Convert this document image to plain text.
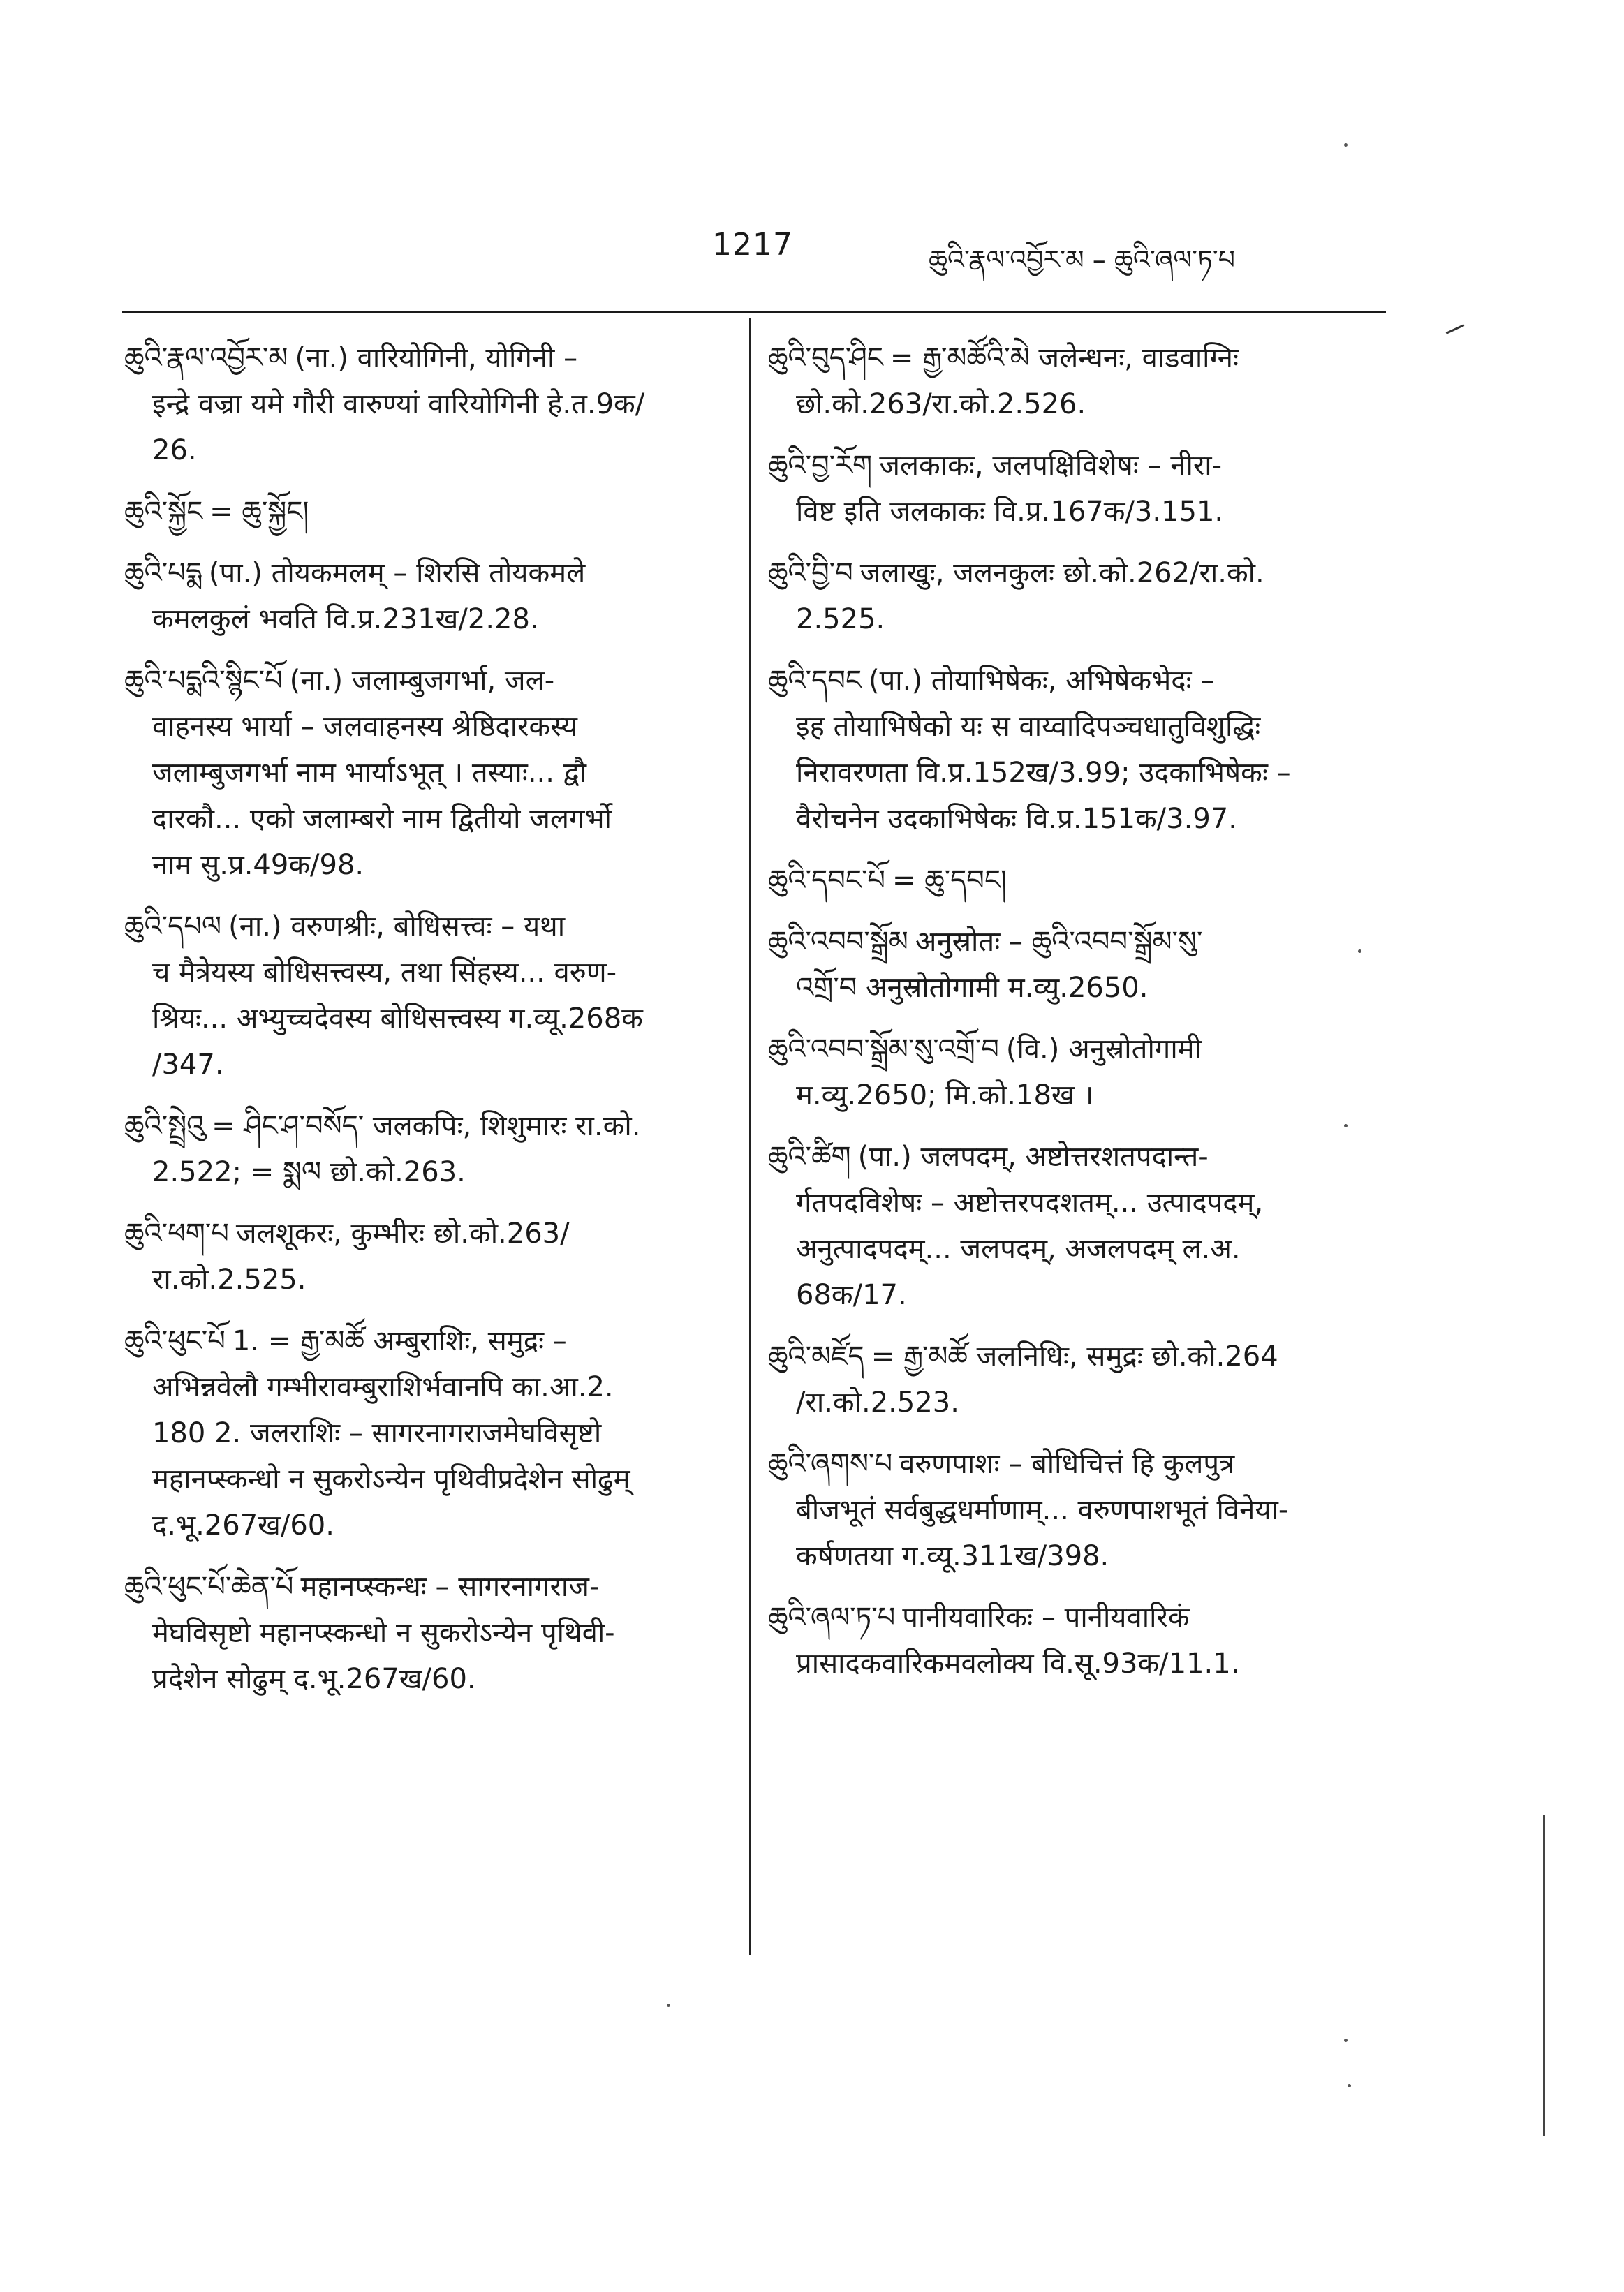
1217	ཆུའི་རྣལ་འབྱོར་མ – ཆུའི་ཞལ་ཏ་པ

ཆུའི་རྣལ་འབྱོར་མ (ना.) वारियोगिनी, योगिनी –

इन्द्रे वज्रा यमे गौरी वारुण्यां वारियोगिनी हे.त.9क/

26.

ཆུའི་སྐྱོང = ཆུ་སྐྱོང།

ཆུའི་པདྨ (पा.) तोयकमलम् – शिरसि तोयकमले

कमलकुलं भवति वि.प्र.231ख/2.28.

ཆུའི་པདྨའི་སྙིང་པོ (ना.) जलाम्बुजगर्भा, जल-

वाहनस्य भार्या – जलवाहनस्य श्रेष्ठिदारकस्य

जलाम्बुजगर्भा नाम भार्याऽभूत् । तस्याः... द्वौ

दारकौ... एको जलाम्बरो नाम द्वितीयो जलगर्भो

नाम सु.प्र.49क/98.

ཆུའི་དཔལ (ना.) वरुणश्रीः, बोधिसत्त्वः – यथा

च मैत्रेयस्य बोधिसत्त्वस्य, तथा सिंहस्य... वरुण-

श्रियः... अभ्युच्चदेवस्य बोधिसत्त्वस्य ग.व्यू.268क

/347.

ཆུའི་སྤྲེའུ = ཤིང་ཤ་བསོད་ जलकपिः, शिशुमारः रा.को.

2.522; = སྨལ छो.को.263.

ཆུའི་ཕག་པ जलशूकरः, कुम्भीरः छो.को.263/

रा.को.2.525.

ཆུའི་ཕུང་པོ 1. = རྒྱ་མཚོ अम्बुराशिः, समुद्रः –

अभिन्नवेलौ गम्भीरावम्बुराशिर्भवानपि का.आ.2.

180 2. जलराशिः – सागरनागराजमेघविसृष्टो

महानप्स्कन्धो न सुकरोऽन्येन पृथिवीप्रदेशेन सोढुम्

द.भू.267ख/60.

ཆུའི་ཕུང་པོ་ཆེན་པོ महानप्स्कन्धः – सागरनागराज-

मेघविसृष्टो महानप्स्कन्धो न सुकरोऽन्येन पृथिवी-

प्रदेशेन सोढुम् द.भू.267ख/60.

ཆུའི་བུད་ཤིང = རྒྱ་མཚོའི་མེ जलेन्धनः, वाडवाग्निः

छो.को.263/रा.को.2.526.

ཆུའི་བྱ་རོག जलकाकः, जलपक्षिविशेषः – नीरा-

विष्ट इति जलकाकः वि.प्र.167क/3.151.

ཆུའི་བྱི་བ जलाखुः, जलनकुलः छो.को.262/रा.को.

2.525.

ཆུའི་དབང (पा.) तोयाभिषेकः, अभिषेकभेदः –

इह तोयाभिषेको यः स वाय्वादिपञ्चधातुविशुद्धिः

निरावरणता वि.प्र.152ख/3.99; उदकाभिषेकः –

वैरोचनेन उदकाभिषेकः वि.प्र.151क/3.97.

ཆུའི་དབང་པོ = ཆུ་དབང།

ཆུའི་འབབ་སྒྲོམ अनुस्रोतः – ཆུའི་འབབ་སྒྲོམ་སུ་

འགྲོ་བ अनुस्रोतोगामी म.व्यु.2650.

ཆུའི་འབབ་སྒྲོམ་སུ་འགྲོ་བ (वि.) अनुस्रोतोगामी

म.व्यु.2650; मि.को.18ख ।

ཆུའི་ཚིག (पा.) जलपदम्, अष्टोत्तरशतपदान्त-

र्गतपदविशेषः – अष्टोत्तरपदशतम्... उत्पादपदम्,

अनुत्पादपदम्... जलपदम्, अजलपदम् ल.अ.

68क/17.

ཆུའི་མཛོད = རྒྱ་མཚོ जलनिधिः, समुद्रः छो.को.264

/रा.को.2.523.

ཆུའི་ཞགས་པ वरुणपाशः – बोधिचित्तं हि कुलपुत्र

बीजभूतं सर्वबुद्धधर्माणाम्... वरुणपाशभूतं विनेया-

कर्षणतया ग.व्यू.311ख/398.

ཆུའི་ཞལ་ཏ་པ पानीयवारिकः – पानीयवारिकं

प्रासादकवारिकमवलोक्य वि.सू.93क/11.1.
